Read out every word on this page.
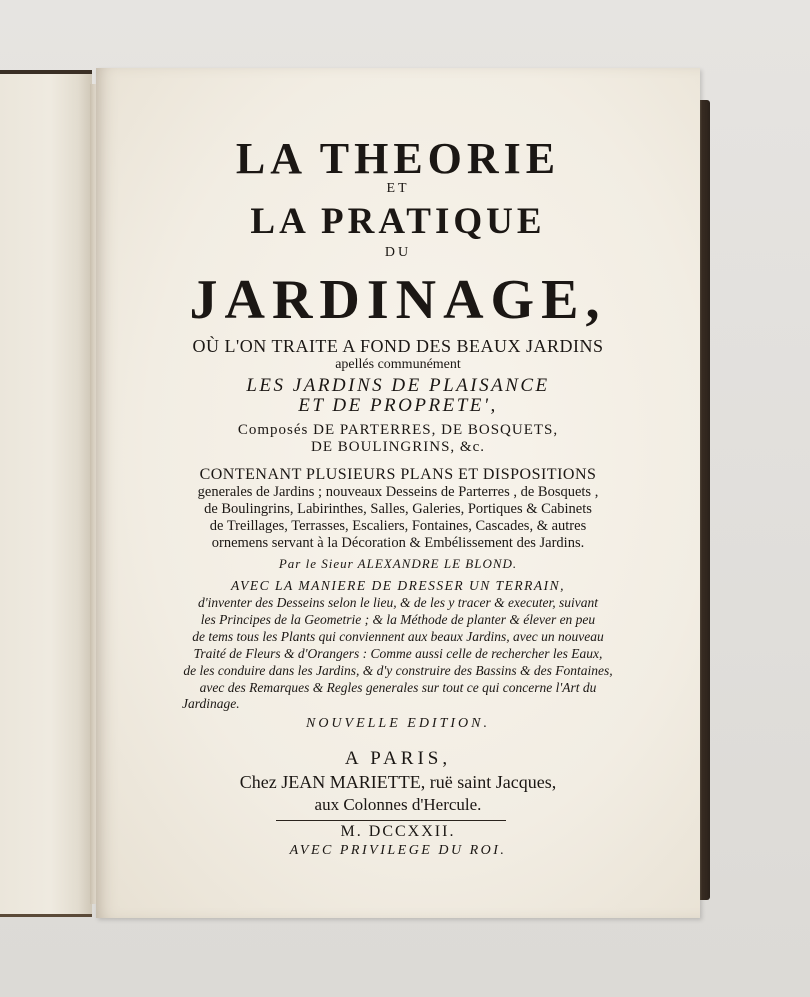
LA THEORIE
ET
LA PRATIQUE
DU
JARDINAGE,
OÙ L'ON TRAITE A FOND DES BEAUX JARDINS
apellés communément
LES JARDINS DE PLAISANCE
ET DE PROPRETE',
Composés DE PARTERRES, DE BOSQUETS,
DE BOULINGRINS, &c.
CONTENANT PLUSIEURS PLANS ET DISPOSITIONS
generales de Jardins ; nouveaux Desseins de Parterres , de Bosquets ,
de Boulingrins, Labirinthes, Salles, Galeries, Portiques & Cabinets
de Treillages, Terrasses, Escaliers, Fontaines, Cascades, & autres
ornemens servant à la Décoration & Embélissement des Jardins.
Par le Sieur ALEXANDRE LE BLOND.
AVEC LA MANIERE DE DRESSER UN TERRAIN,
d'inventer des Desseins selon le lieu, & de les y tracer & executer, suivant
les Principes de la Geometrie ; & la Méthode de planter & élever en peu
de tems tous les Plants qui conviennent aux beaux Jardins, avec un nouveau
Traité de Fleurs & d'Orangers : Comme aussi celle de rechercher les Eaux,
de les conduire dans les Jardins, & d'y construire des Bassins & des Fontaines,
avec des Remarques & Regles generales sur tout ce qui concerne l'Art du
Jardinage.
NOUVELLE EDITION.
A PARIS,
Chez JEAN MARIETTE, ruë saint Jacques,
aux Colonnes d'Hercule.
M. DCCXXII.
AVEC PRIVILEGE DU ROI.
